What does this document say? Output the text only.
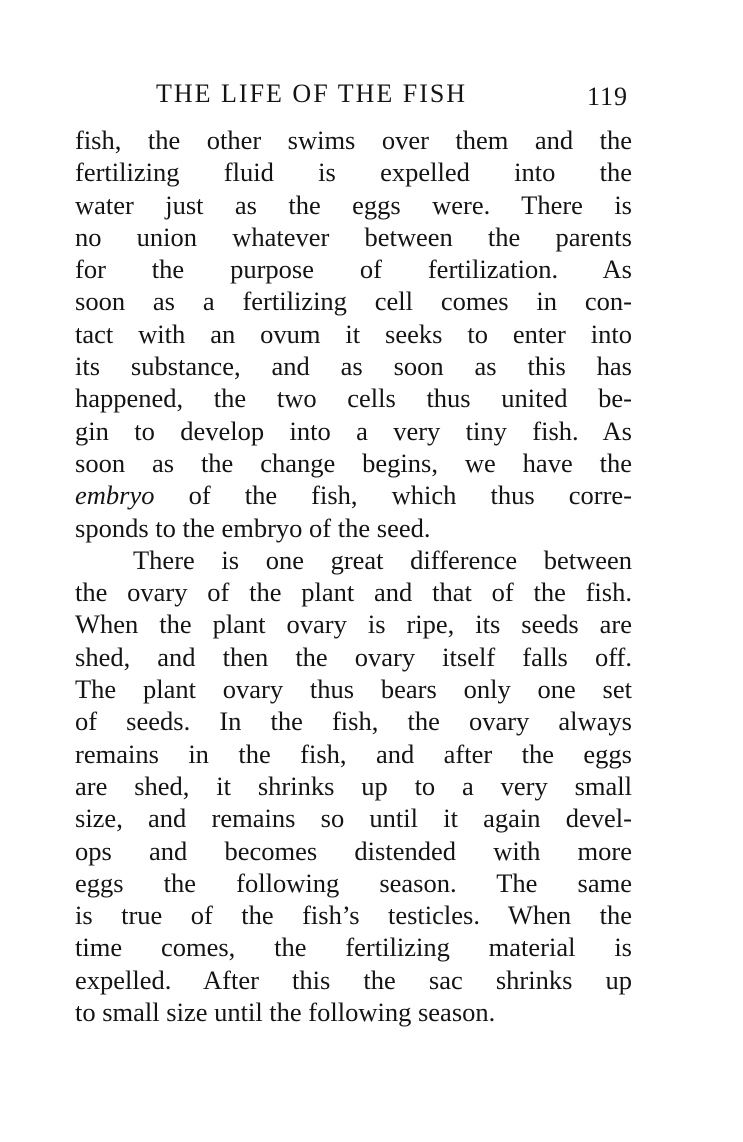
THE LIFE OF THE FISH	119
fish, the other swims over them and the
fertilizing fluid is expelled into the
water just as the eggs were. There is
no union whatever between the parents
for the purpose of fertilization. As
soon as a fertilizing cell comes in con-
tact with an ovum it seeks to enter into
its substance, and as soon as this has
happened, the two cells thus united be-
gin to develop into a very tiny fish. As
soon as the change begins, we have the
embryo of the fish, which thus corre-
sponds to the embryo of the seed.
There is one great difference between
the ovary of the plant and that of the fish.
When the plant ovary is ripe, its seeds are
shed, and then the ovary itself falls off.
The plant ovary thus bears only one set
of seeds. In the fish, the ovary always
remains in the fish, and after the eggs
are shed, it shrinks up to a very small
size, and remains so until it again devel-
ops and becomes distended with more
eggs the following season. The same
is true of the fish’s testicles. When the
time comes, the fertilizing material is
expelled. After this the sac shrinks up
to small size until the following season.
